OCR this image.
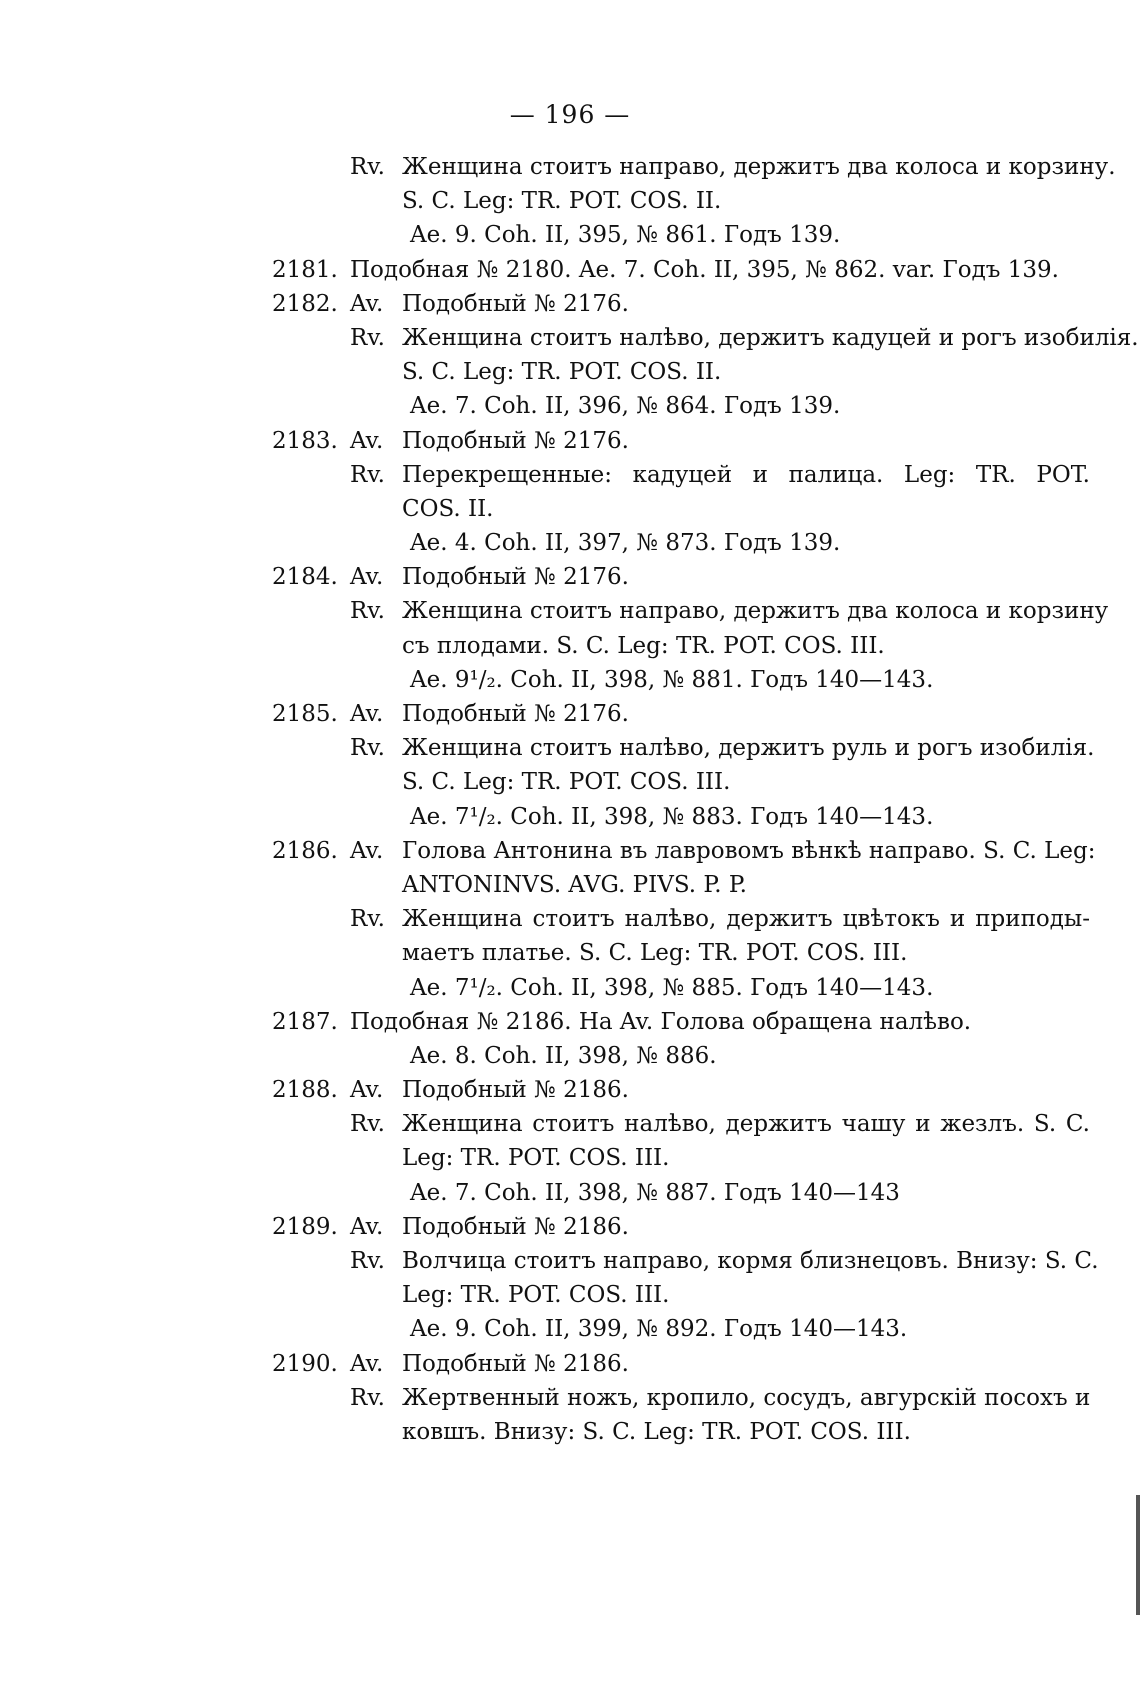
— 196 —
Rv. Женщина стоитъ направо, держитъ два колоса и корзину.
S. C. Leg: TR. POT. COS. II.
Ae. 9. Coh. II, 395, № 861. Годъ 139.
2181. Подобная № 2180. Ae. 7. Coh. II, 395, № 862. var. Годъ 139.
2182. Av. Подобный № 2176.
Rv. Женщина стоитъ налѣво, держитъ кадуцей и рогъ изобилія.
S. C. Leg: TR. POT. COS. II.
Ae. 7. Coh. II, 396, № 864. Годъ 139.
2183. Av. Подобный № 2176.
Rv. Перекрещенные: кадуцей и палица. Leg: TR. POT.
COS. II.
Ae. 4. Coh. II, 397, № 873. Годъ 139.
2184. Av. Подобный № 2176.
Rv. Женщина стоитъ направо, держитъ два колоса и корзину
съ плодами. S. C. Leg: TR. POT. COS. III.
Ae. 9¹/₂. Coh. II, 398, № 881. Годъ 140—143.
2185. Av. Подобный № 2176.
Rv. Женщина стоитъ налѣво, держитъ руль и рогъ изобилія.
S. C. Leg: TR. POT. COS. III.
Ae. 7¹/₂. Coh. II, 398, № 883. Годъ 140—143.
2186. Av. Голова Антонина въ лавровомъ вѣнкѣ направо. S. C. Leg:
ANTONINVS. AVG. PIVS. P. P.
Rv. Женщина стоитъ налѣво, держитъ цвѣтокъ и приподы-
маетъ платье. S. C. Leg: TR. POT. COS. III.
Ae. 7¹/₂. Coh. II, 398, № 885. Годъ 140—143.
2187. Подобная № 2186. На Av. Голова обращена налѣво.
Ae. 8. Coh. II, 398, № 886.
2188. Av. Подобный № 2186.
Rv. Женщина стоитъ налѣво, держитъ чашу и жезлъ. S. C.
Leg: TR. POT. COS. III.
Ae. 7. Coh. II, 398, № 887. Годъ 140—143
2189. Av. Подобный № 2186.
Rv. Волчица стоитъ направо, кормя близнецовъ. Внизу: S. C.
Leg: TR. POT. COS. III.
Ae. 9. Coh. II, 399, № 892. Годъ 140—143.
2190. Av. Подобный № 2186.
Rv. Жертвенный ножъ, кропило, сосудъ, авгурскій посохъ и
ковшъ. Внизу: S. C. Leg: TR. POT. COS. III.
